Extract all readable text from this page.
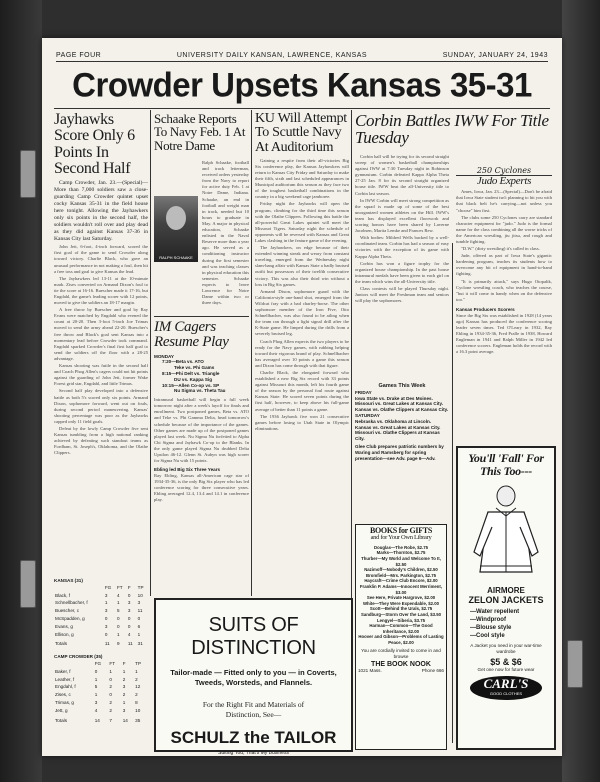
PAGE FOUR	UNIVERSITY DAILY KANSAN, LAWRENCE, KANSAS	SUNDAY, JANUARY 24, 1943
Crowder Upsets Kansas 35-31
Jayhawks Score Only 6 Points In Second Half

Camp Crowder, Jan. 23.—(Special)—More than 7,000 soldiers saw a close-guarding Camp Crowder quintet upset cocky Kansas 35-31 in the field house here tonight. Allowing the Jayhawkers only six points in the second half, the soldiers wouldn't roll over and play dead as they did against Kansas 37-36 in Kansas City last Saturday.

John Jett, 6-foot, 4-inch forward, scored the first goal of the game to send Crowder along toward victory. Charlie Black, who gave an unusual performance in not making a foul, then hit a free toss and goal to give Kansas the lead.

The Jayhawkers led 13-11 at the 10-minute mark. Zises converted on Armand Dixon's foul to tie the score at 16-16. Buescher made it 17-16, but Engdahl, the game's leading scorer with 12 points, moved to give the soldiers an 18-17 margin.

A free throw by Buescher and goal by Ray Evans were matched by Engdahl who evened the count at 20-20. Then 3-foot 5-inch Joe Trimas moved to send the army ahead 22-20. Buescher's free throw and Black's goal sent Kansas into a momentary lead before Crowder took command. Engdahl sparked Crowder's final first half goal to send the soldiers off the floor with a 28-25 advantage.

Kansas shooting was futile in the second half and Coach Phog Allen's cagers could not hit points against the guarding of John Jett, former Wake Forest grid star, Engdahl, and little Trimas.

Second half play developed into a defensive battle as both 5's scored only six points. Armand Dixon, sophomore forward, went out on fouls, during second period maneuvering. Kansas' shooting percentage was poor as the Jayhawks capped only 11 field goals.

Defeat by the lowly Camp Crowder five sent Kansas tumbling from a high national ranking achieved by defeating such standout teams as Fordham, St. Joseph's, Oklahoma, and the Olathe Clippers.

KANSAS (31)
	FG	FT	F	TP
Black, f	3	4	0	10
Schnellbacher, f	1	1	3	3
Buescher, c	3	5	3	11
McSpadden, g	0	0	0	0
Evans, g	3	0	0	6
Ellison, g	0	1	4	1
Totals	11	9	11	31
CAMP CROWDER (35)
	FG	FT	F	TP
Baker, f	0	1	1	1
Leather, f	1	0	2	2
Engdahl, f	5	2	3	12
Zises, c	1	0	2	2
Trimas, g	3	2	1	8
Jett, g	4	2	3	10
Totals	14	7	14	35
Schaake Reports To Navy Feb. 1 At Notre Dame
Ralph Schaake, football and track letterman, received orders yesterday from the Navy to report for active duty Feb. 1 at Notre Dame, Indiana. Schaake, an end in football and weight man in track, needed but 10 hours to graduate in May. A major in physical education, Schaake enlisted in the Naval Reserve more than a year ago. He served as a conditioning instructor during the first semester and was teaching classes in physical education this semester. Schaake expects to leave Lawrence for Notre Dame within two or three days.
RALPH SCHAAKE
IM Cagers Resume Play
MONDAY
7:20—Beta vs. ATO
Teke vs. Phi Gams
8:15—Phi Delt vs. Triangle
DU vs. Kappa Sig
10:15—Allen Co-op vs. SP
Nu Sigma vs. Theta Tau
Intramural basketball will begin a full week tomorrow night after a week's layoff for finals and enrollment. Two postponed games, Beta vs. ATO and Teke vs. Phi Gamma Delta, head tomorrow's schedule because of the importance of the games. Other games are made up of the postponed games played last week. Nu Sigma Nu forfeited to Alpha Chi Sigma and Jayhawk Co-op to the Blanks. In the only game played Sigma Nu drubbed Delta Upsilon 46-12. Glenn St. Aubyn was high scorer for Sigma Nu with 15 points.
Ebling led Big Six Three Years
Ray Ebling, Kansas all-American cage star of 1934-35-36, is the only Big Six player who has led conference scoring for three consecutive years. Ebling averaged 12.4, 13.4 and 14.1 in conference play.
KU Will Attempt To Scuttle Navy At Auditorium

Gaining a respite from their all-victories Big Six conference play, the Kansas Jayhawkers will return to Kansas City Friday and Saturday to make their fifth, sixth and last scheduled appearances in Municipal auditorium this season as they face two of the toughest basketball combinations in the country in a big weekend cage jamboree.

Friday night the Jayhawks will open the program, climbing for the third time this season with the Olathe Clippers. Following this battle the all-powerful Great Lakes quintet will meet the Missouri Tigers. Saturday night the schedule of opponents will be reversed with Kansas and Great Lakes clashing in the feature game of the evening.

The Jayhawkers, on edge because of their extended winning streak and weary from constant traveling, emerged from the Wednesday night slam-bang affair with Kansas State a badly bruised outfit but possessors of their twelfth consecutive victory. This was also their third win without a loss in Big Six games.

Armand Dixon, sophomore guard with the California-style one-hand shot, emerged from the Wildcat fray with a bad charley-horse. The other sophomore member of the Iron Five, Otto Schnellbacher, was also found to be ailing when the team ran through a light signal drill after the K-State game. He limped during the drills from a severely bruised leg.

Coach Phog Allen expects the two players to be ready for the Navy games, with rubbing helping toward their vigorous brand of play. Schnellbacher has averaged over 10 points a game this season and Dixon has come through with that figure.

Charlie Black, the elongated forward who established a new Big Six record with 33 points against Missouri this month, left his fourth game of the season by the personal foul route against Kansas State. He scored seven points during the first half, however, to keep above his full-game average of better than 11 points a game.

The 1936 Jayhawk five won 21 consecutive games before losing to Utah State in Olympic eliminations.

Corbin Battles IWW For Title Tuesday

Corbin hall will be trying for its second straight sweep of women's basketball championships against IWW at 7:30 Tuesday night in Robinson gymnasium. Corbin defeated Kappa Alpha Theta 27-25 Jan. 8 for its second straight organized house title. IWW beat the all-University title to Corbin last season.

In IWW Corbin will meet strong competition as the squad is made up of some of the best unorganized women athletes on the Hill. IWW's team has displayed excellent floorwork and scoring honors have been shared by Laverne Jacobsen, Marita Lemke and Frances Rew.

With bodies: Mildred Wells backed by a well-coordinated team. Corbin has had a season of easy victories with the exception of its game with Kappa Alpha Theta.

Corbin has won a figure trophy for the organized house championship. In the past house intramural medals have been given to each girl on the team which wins the all-University title.

Class contests will be played Thursday night. Juniors will meet the Freshman team and seniors will play the sophomores.

250 Cyclones
Judo Experts

Ames, Iowa, Jan. 23—(Special)—Don't be afraid that Iowa State student isn't planning to hit you with that black belt he's carrying—not unless you "choose" him first.

The clubs some 250 Cyclones carry are standard character equipment for "judo." Judo is the formal name for the class combining all the worse tricks of the American wrestling, jiu jitsu, and rough and tumble fighting.

"D.W." (dirty wrestling) it's called in class.

Jude, offered as part of Iowa State's gigantic hardening program, teaches its students how to overcome any bit of equipment in hand-to-hand fighting.

"It is primarily attack," says Hugo Otopalik, Cyclone wrestling coach, who teaches the course, "but it will come in handy when on the defensive too."

Kansas Producers Scorers
Since the Big Six was established in 1928 (14 years ago) Kansas has produced the conference scoring leader seven times. Ted O'Leary in 1932, Ray Ebling in 1934-35-36, Fred Pralle in 1938, Howard Engleman in 1941 and Ralph Miller in 1942 led conference scorers. Engleman holds the record with a 16.3 point average.
Games This Week
FRIDAY
Iowa State vs. Drake at Des Moines.
Missouri vs. Great Lakes at Kansas City.
Kansas vs. Olathe Clippers at Kansas City.
SATURDAY
Nebraska vs. Oklahoma at Lincoln.
Kansas vs. Great Lakes at Kansas City.
Missouri vs. Olathe Clippers at Kansas City.
Glee Club prepares patriotic numbers by Waring and Ramsberg for spring presentation—see Adv. page 6—Adv.
BOOKS for GIFTS
and for Your Own Library
Douglas—The Robe, $2.75
Marks—Thornton, $2.75
Thurber—My World and Welcome To It, $2.50
Nazimoff—Nobody's Children, $2.50
Bromfield—Mrs. Parkington, $2.75
Haycraft—Crime Club Encore, $2.00
Franklin P. Adams—Innocent Merriment, $3.00
See Here, Private Hargrove, $2.00
White—They Were Expendable, $2.00
Scott—Behind the Urals, $2.75
Sandburg—Storm Over the Land, $3.50
Lengyel—Siberia, $3.75
Harman—Common—The Good Inheritance, $2.00
Hoover and Gibson—Problems of Lasting Peace, $2.00
You are cordially invited to come in and browse
THE BOOK NOOK
1021 Mass.	Phone 666
SUITS OF DISTINCTION
Tailor-made — Fitted only to you — in Coverts, Tweeds, Worsteds, and Flannels.
For the Right Fit and Materials of Distinction, See—
SCHULZ the TAILOR
"Suiting You, That's My Business"
You'll 'Fall' For This Too---
AIRMORE
ZELON JACKETS
—Water repellent
—Windproof
—Blouse style
—Cool style
A Jacket you need in your war-time wardrobe
$5 & $6
Get one now for future wear
CARL'S
GOOD CLOTHES
